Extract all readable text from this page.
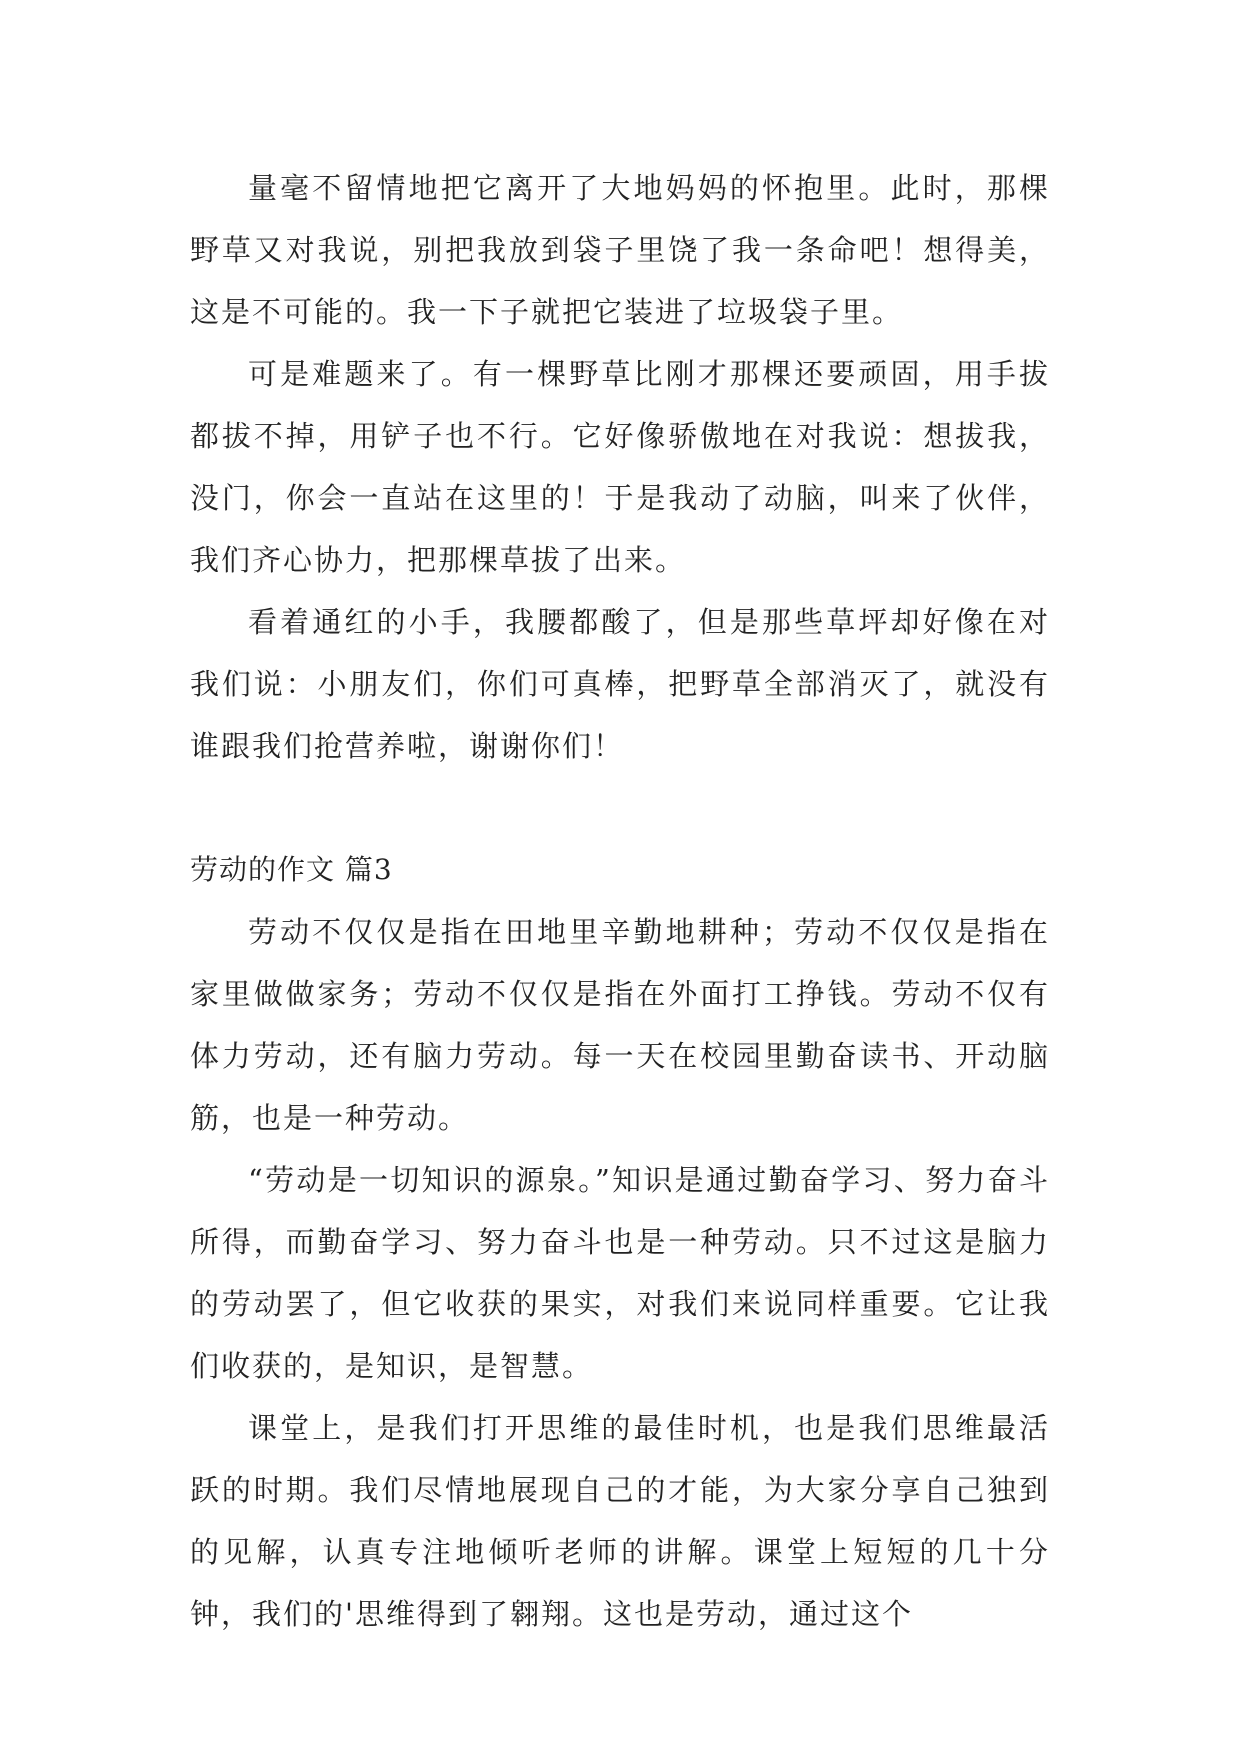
量毫不留情地把它离开了大地妈妈的怀抱里。此时，那棵野草又对我说，别把我放到袋子里饶了我一条命吧！想得美，这是不可能的。我一下子就把它装进了垃圾袋子里。

可是难题来了。有一棵野草比刚才那棵还要顽固，用手拔都拔不掉，用铲子也不行。它好像骄傲地在对我说：想拔我，没门，你会一直站在这里的！于是我动了动脑，叫来了伙伴，我们齐心协力，把那棵草拔了出来。

看着通红的小手，我腰都酸了，但是那些草坪却好像在对我们说：小朋友们，你们可真棒，把野草全部消灭了，就没有谁跟我们抢营养啦，谢谢你们！

劳动的作文 篇3

劳动不仅仅是指在田地里辛勤地耕种；劳动不仅仅是指在家里做做家务；劳动不仅仅是指在外面打工挣钱。劳动不仅有体力劳动，还有脑力劳动。每一天在校园里勤奋读书、开动脑筋，也是一种劳动。

“劳动是一切知识的源泉。”知识是通过勤奋学习、努力奋斗所得，而勤奋学习、努力奋斗也是一种劳动。只不过这是脑力的劳动罢了，但它收获的果实，对我们来说同样重要。它让我们收获的，是知识，是智慧。

课堂上，是我们打开思维的最佳时机，也是我们思维最活跃的时期。我们尽情地展现自己的才能，为大家分享自己独到的见解，认真专注地倾听老师的讲解。课堂上短短的几十分钟，我们的'思维得到了翱翔。这也是劳动，通过这个
